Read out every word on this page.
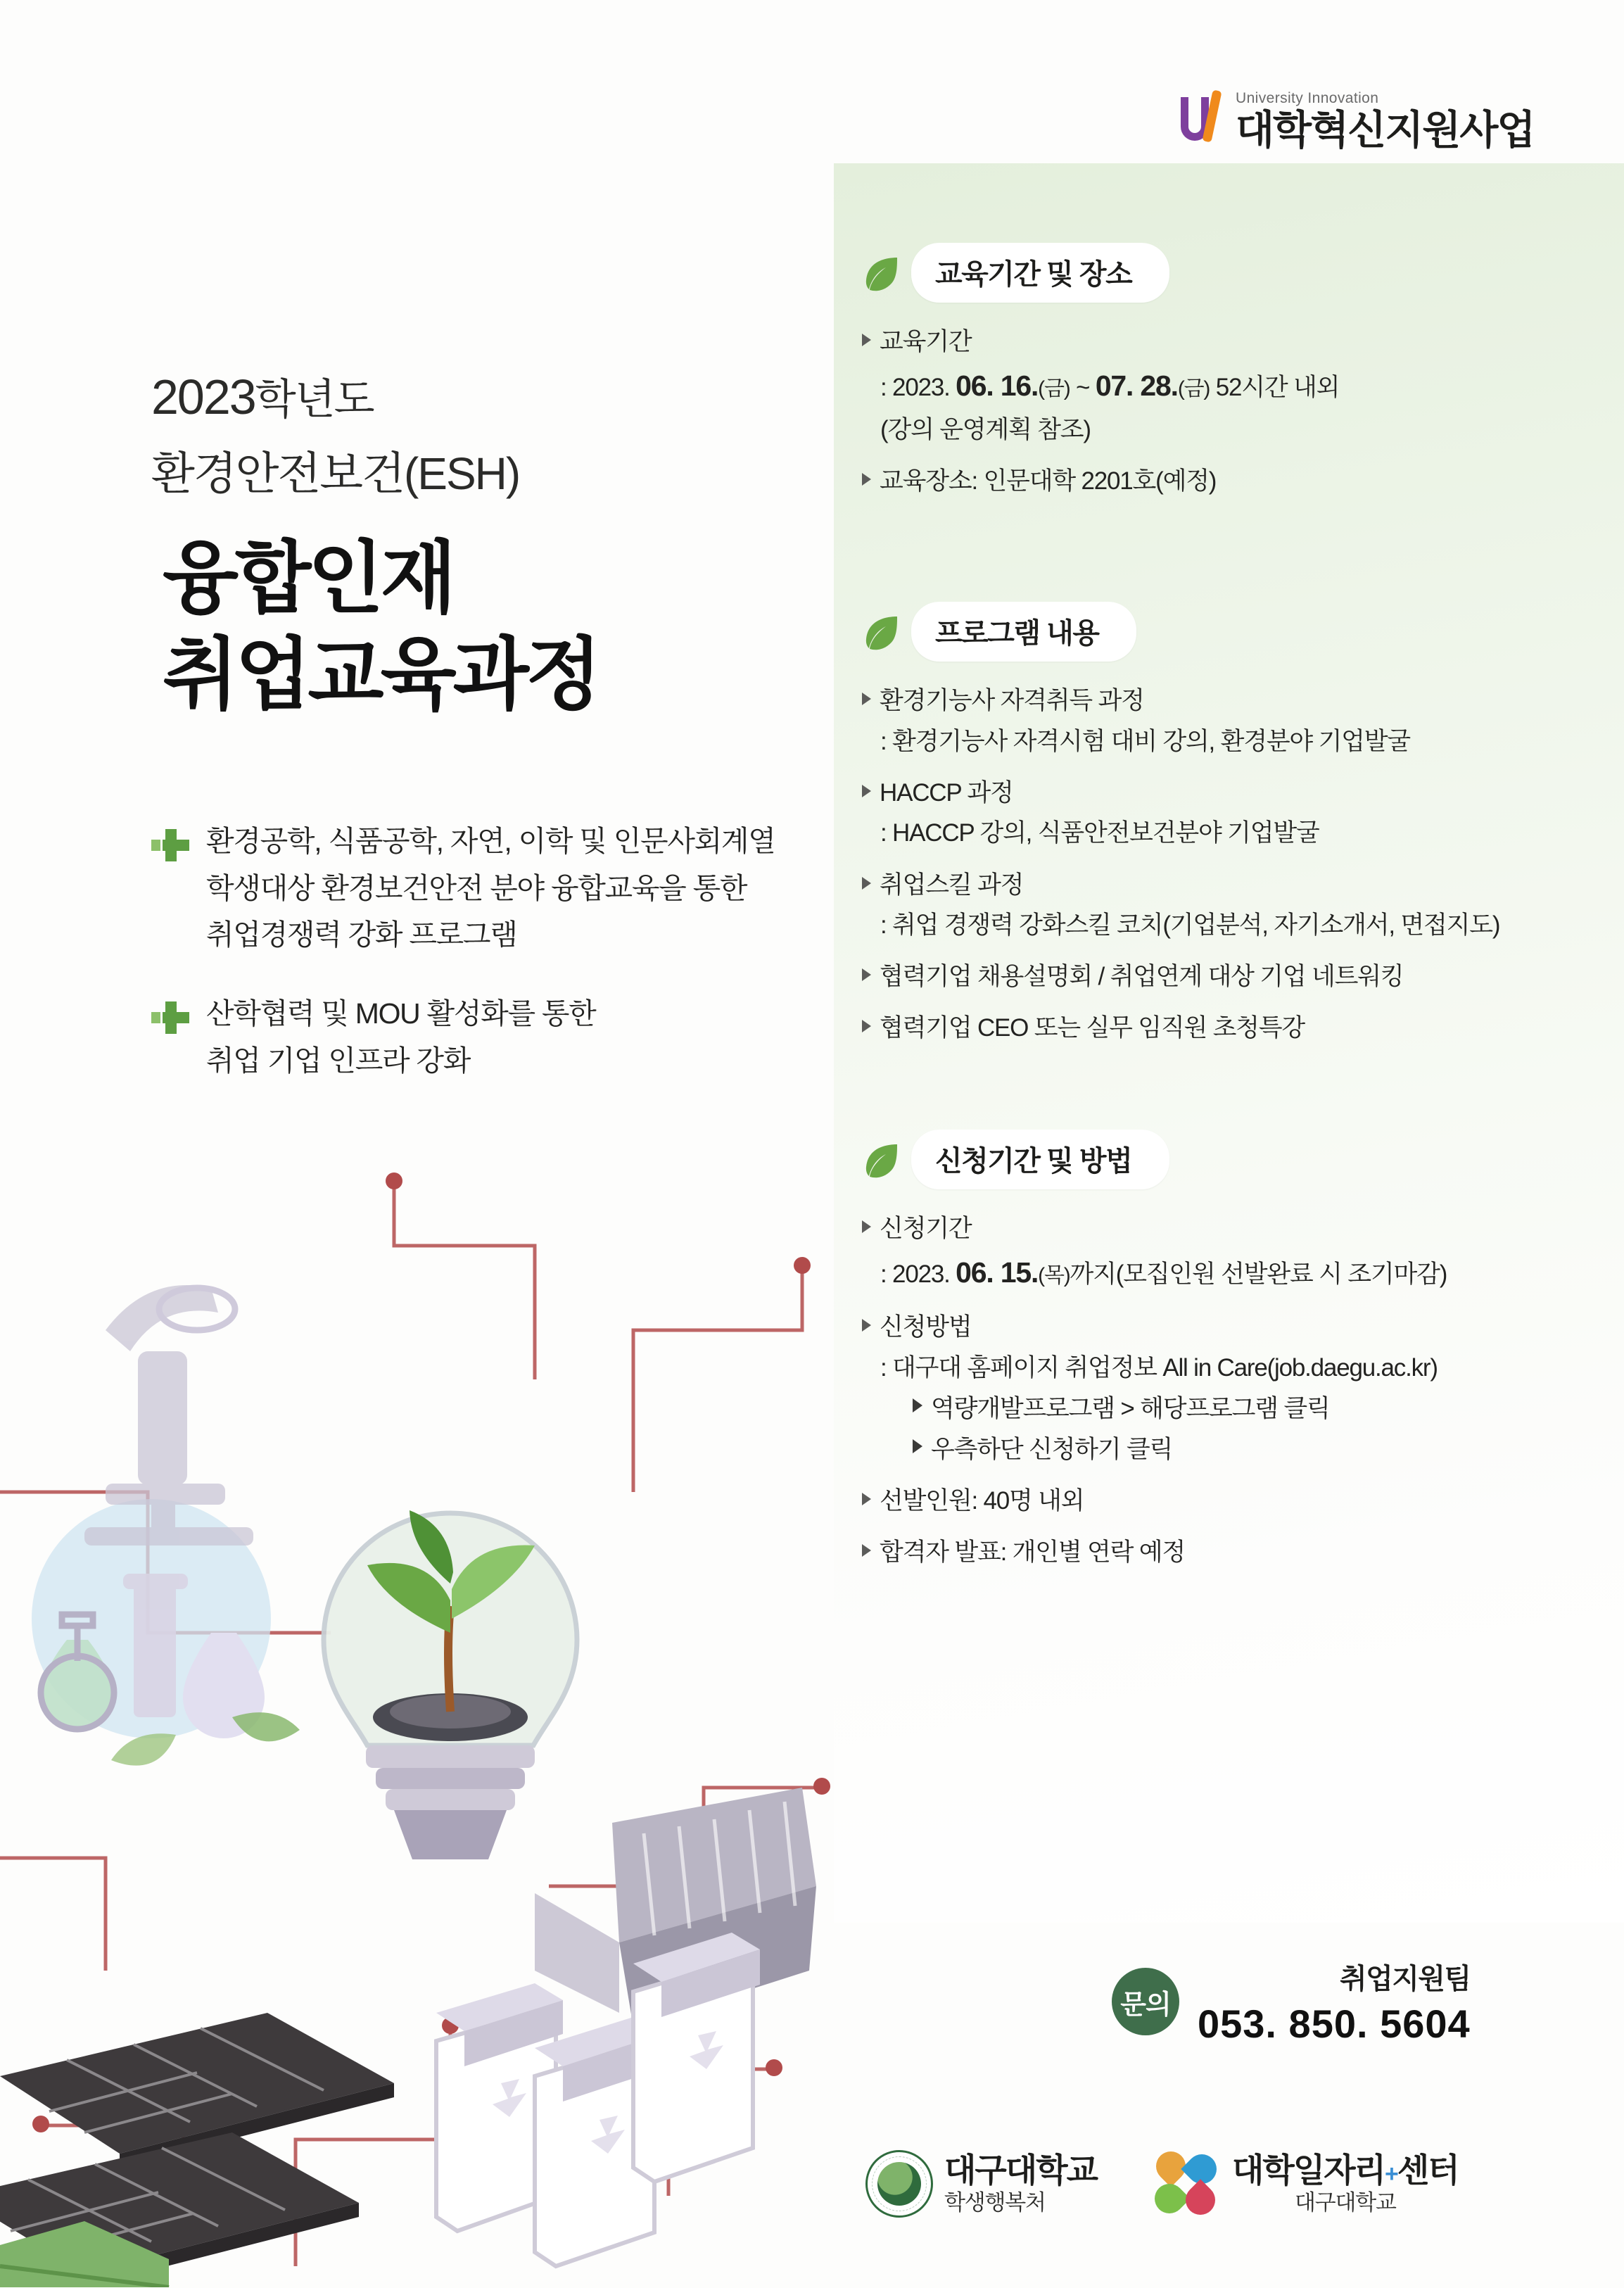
University Innovation
대학혁신지원사업
2023학년도
환경안전보건(ESH)
융합인재
취업교육과정
환경공학, 식품공학, 자연, 이학 및 인문사회계열
학생대상 환경보건안전 분야 융합교육을 통한
취업경쟁력 강화 프로그램
산학협력 및 MOU 활성화를 통한
취업 기업 인프라 강화
교육기간 및 장소
교육기간
: 2023. 06. 16.(금) ~ 07. 28.(금) 52시간 내외
(강의 운영계획 참조)
교육장소: 인문대학 2201호(예정)
프로그램 내용
환경기능사 자격취득 과정
: 환경기능사 자격시험 대비 강의, 환경분야 기업발굴
HACCP 과정
: HACCP 강의, 식품안전보건분야 기업발굴
취업스킬 과정
: 취업 경쟁력 강화스킬 코치(기업분석, 자기소개서, 면접지도)
협력기업 채용설명회 / 취업연계 대상 기업 네트워킹
협력기업 CEO 또는 실무 임직원 초청특강
신청기간 및 방법
신청기간
: 2023. 06. 15.(목)까지(모집인원 선발완료 시 조기마감)
신청방법
: 대구대 홈페이지 취업정보 All in Care(job.daegu.ac.kr)
역량개발프로그램 > 해당프로그램 클릭
우측하단 신청하기 클릭
선발인원: 40명 내외
합격자 발표: 개인별 연락 예정
문의
취업지원팀
053. 850. 5604
대구대학교
학생행복처
대학일자리+센터
대구대학교
